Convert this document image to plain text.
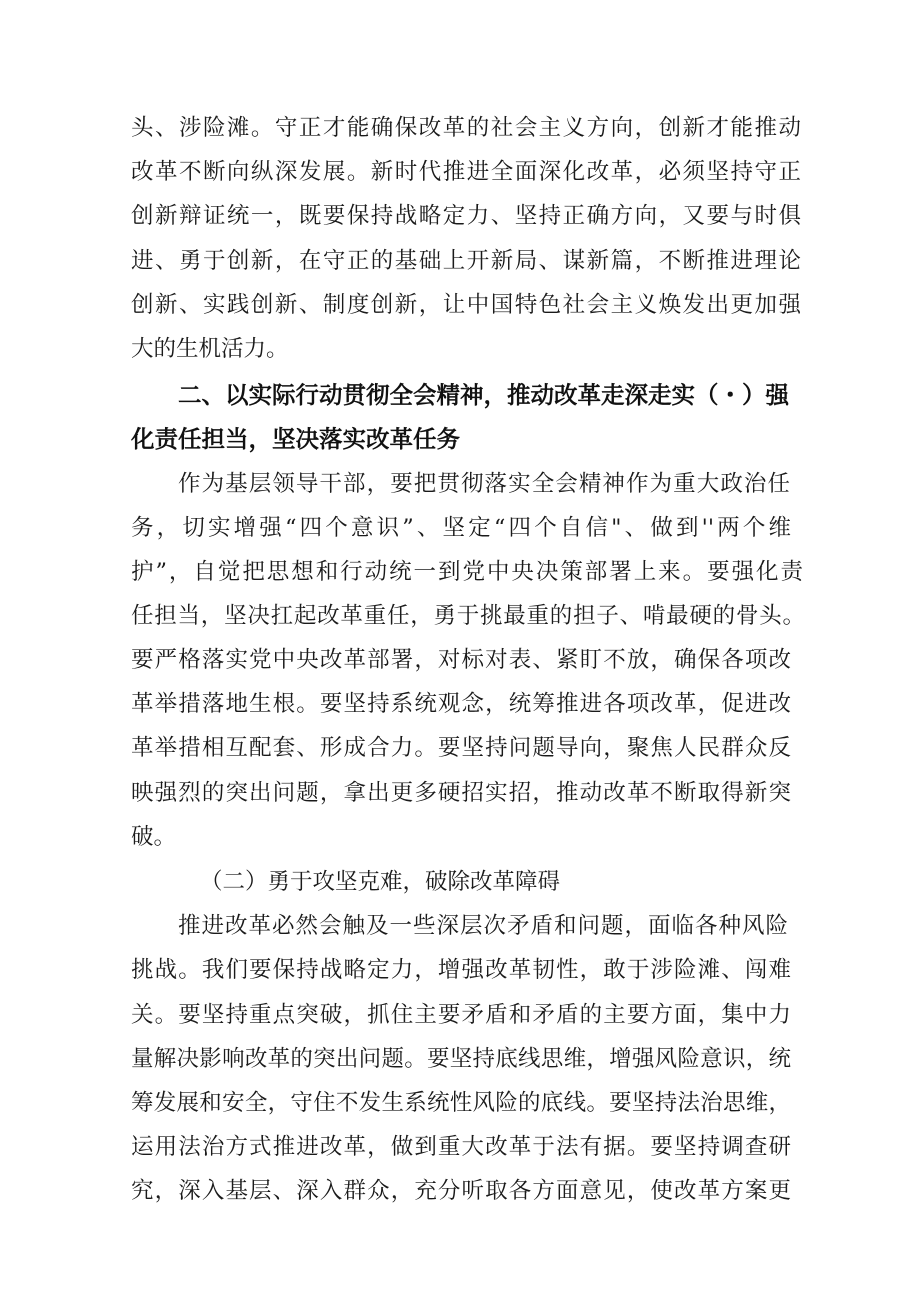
头、涉险滩。守正才能确保改革的社会主义方向，创新才能推动
改革不断向纵深发展。新时代推进全面深化改革，必须坚持守正
创新辩证统一，既要保持战略定力、坚持正确方向，又要与时俱
进、勇于创新，在守正的基础上开新局、谋新篇，不断推进理论
创新、实践创新、制度创新，让中国特色社会主义焕发出更加强
大的生机活力。
二、以实际行动贯彻全会精神，推动改革走深走实（・）强
化责任担当，坚决落实改革任务
作为基层领导干部，要把贯彻落实全会精神作为重大政治任
务，切实增强“四个意识”、坚定“四个自信"、做到''两个维
护”，自觉把思想和行动统一到党中央决策部署上来。要强化责
任担当，坚决扛起改革重任，勇于挑最重的担子、啃最硬的骨头。
要严格落实党中央改革部署，对标对表、紧盯不放，确保各项改
革举措落地生根。要坚持系统观念，统筹推进各项改革，促进改
革举措相互配套、形成合力。要坚持问题导向，聚焦人民群众反
映强烈的突出问题，拿出更多硬招实招，推动改革不断取得新突
破。
（二）勇于攻坚克难，破除改革障碍
推进改革必然会触及一些深层次矛盾和问题，面临各种风险
挑战。我们要保持战略定力，增强改革韧性，敢于涉险滩、闯难
关。要坚持重点突破，抓住主要矛盾和矛盾的主要方面，集中力
量解决影响改革的突出问题。要坚持底线思维，增强风险意识，统
筹发展和安全，守住不发生系统性风险的底线。要坚持法治思维，
运用法治方式推进改革，做到重大改革于法有据。要坚持调查研
究，深入基层、深入群众，充分听取各方面意见，使改革方案更
